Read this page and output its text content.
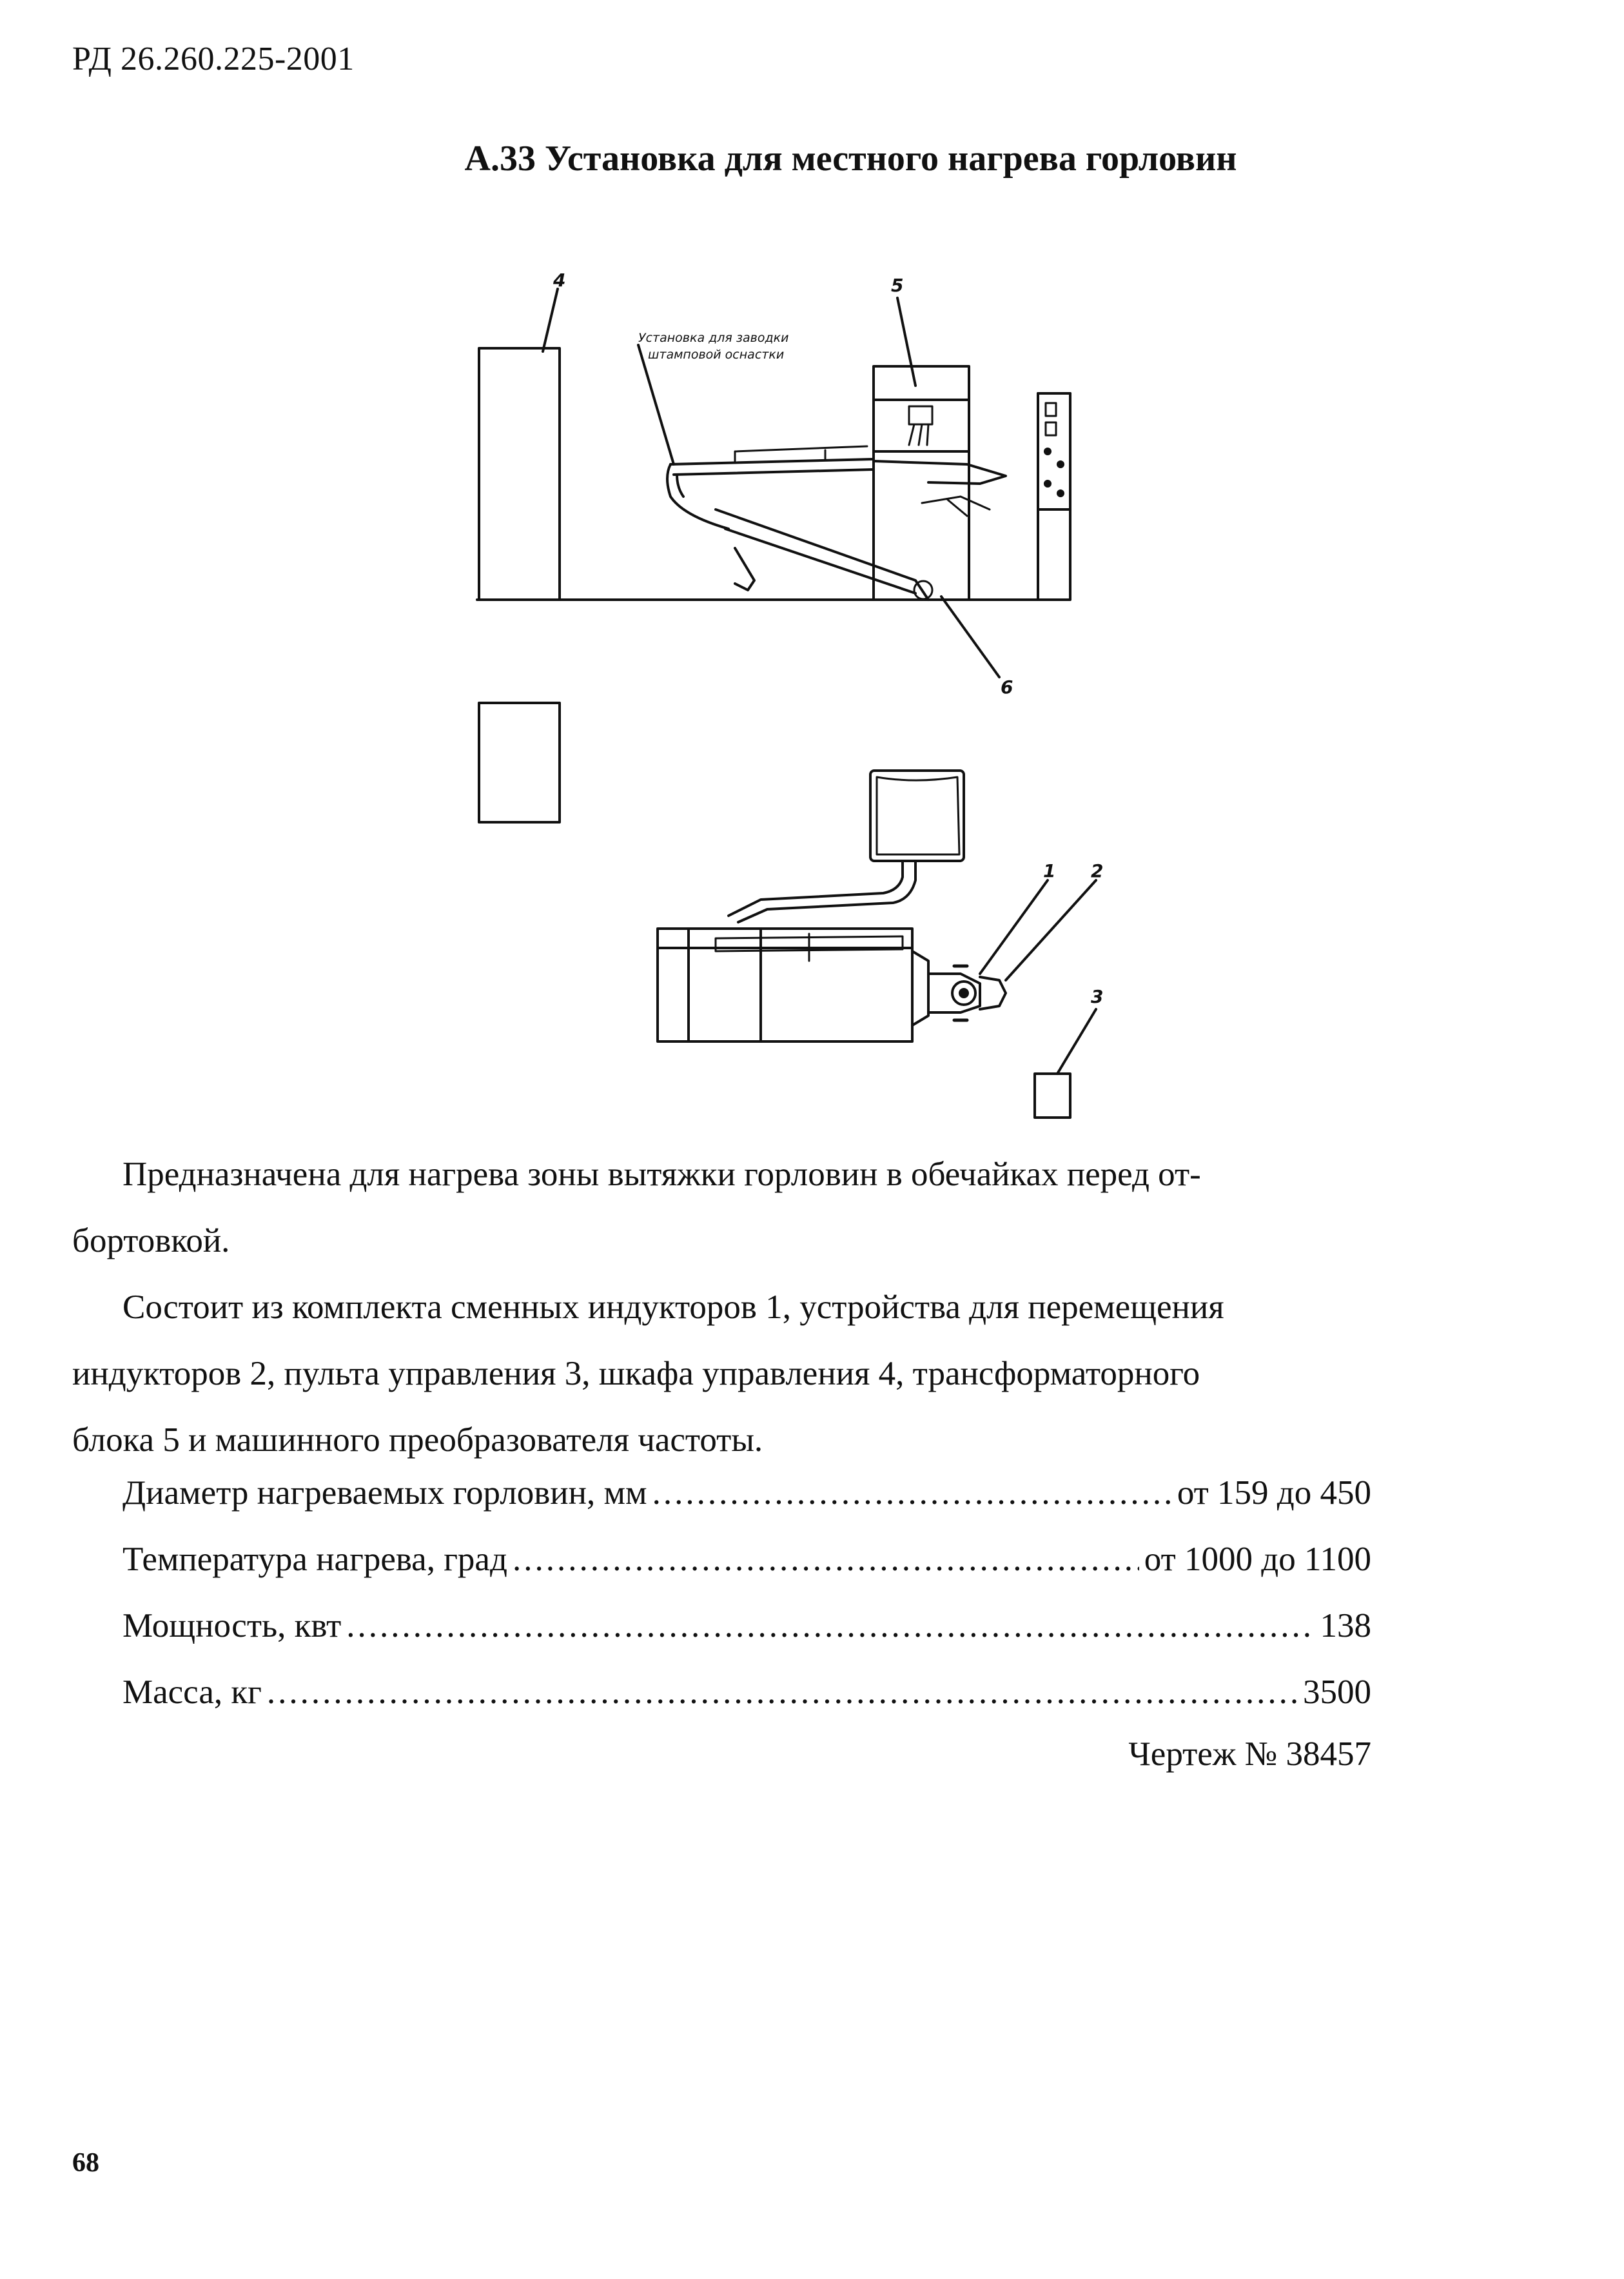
РД 26.260.225-2001
А.33 Установка для местного нагрева горловин
4	5
6
1 2
3
Установка для заводки
штамповой оснастки
Предназначена для нагрева зоны вытяжки горловин в обечайках перед от-
бортовкой.
Состоит из комплекта сменных индукторов 1, устройства для перемещения
индукторов 2, пульта управления 3, шкафа управления 4, трансформаторного
блока 5 и машинного преобразователя частоты.
Диаметр нагреваемых горловин, мм .....	от 159 до 450
Температура нагрева, град .....	от 1000 до 1100
Мощность, квт .....	138
Масса, кг .....	3500
Чертеж № 38457
68
